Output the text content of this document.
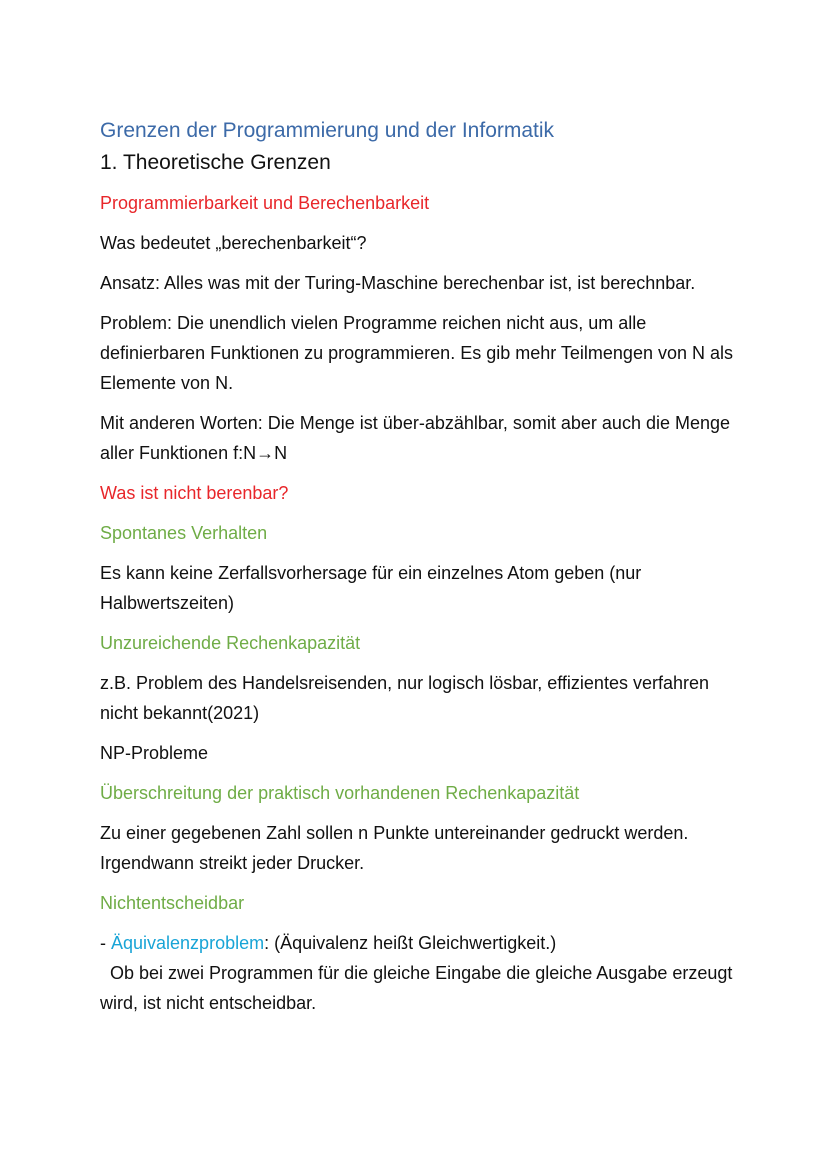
Grenzen der Programmierung und der Informatik
1. Theoretische Grenzen
Programmierbarkeit und Berechenbarkeit
Was bedeutet „berechenbarkeit“?
Ansatz: Alles was mit der Turing-Maschine berechenbar ist, ist berechnbar.
Problem: Die unendlich vielen Programme reichen nicht aus, um alle definierbaren Funktionen zu programmieren. Es gib mehr Teilmengen von N als Elemente von N.
Mit anderen Worten: Die Menge ist über-abzählbar, somit aber auch die Menge aller Funktionen f:N→N
Was ist nicht berenbar?
Spontanes Verhalten
Es kann keine Zerfallsvorhersage für ein einzelnes Atom geben (nur Halbwertszeiten)
Unzureichende Rechenkapazität
z.B. Problem des Handelsreisenden, nur logisch lösbar, effizientes verfahren nicht bekannt(2021)
NP-Probleme
Überschreitung der praktisch vorhandenen Rechenkapazität
Zu einer gegebenen Zahl sollen n Punkte untereinander gedruckt werden. Irgendwann streikt jeder Drucker.
Nichtentscheidbar
- Äquivalenzproblem: (Äquivalenz heißt Gleichwertigkeit.)
Ob bei zwei Programmen für die gleiche Eingabe die gleiche Ausgabe erzeugt wird, ist nicht entscheidbar.
